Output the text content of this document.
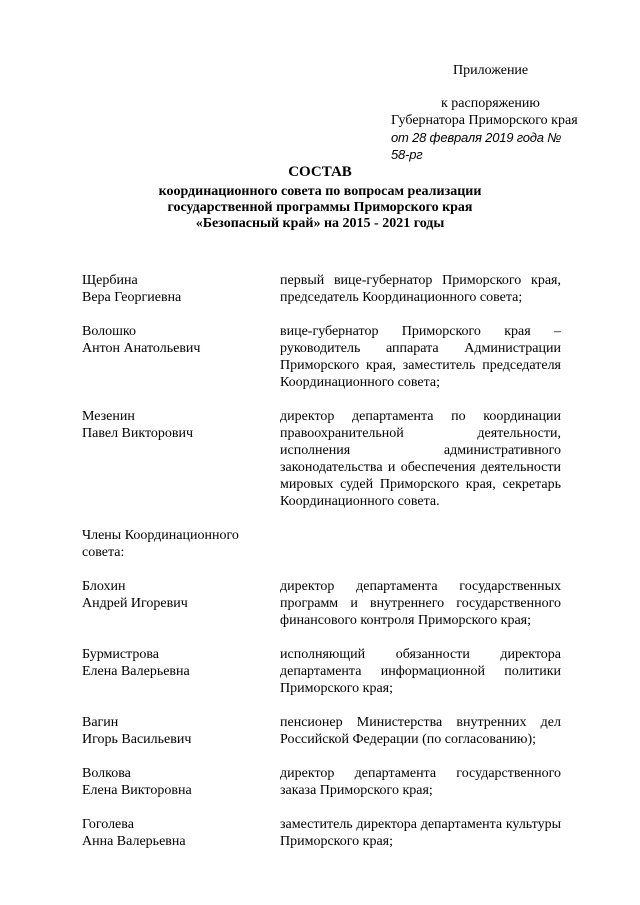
Приложение
к распоряжению
Губернатора Приморского края
от 28 февраля 2019 года № 58-рг
СОСТАВ
координационного совета по вопросам реализации
государственной программы Приморского края
«Безопасный край» на 2015 - 2021 годы
Щербина
Вера Георгиевна
первый вице-губернатор Приморского края, председатель Координационного совета;
Волошко
Антон Анатольевич
вице-губернатор Приморского края – руководитель аппарата Администрации Приморского края, заместитель председателя Координационного совета;
Мезенин
Павел Викторович
директор департамента по координации правоохранительной деятельности, исполнения административного законодательства и обеспечения деятельности мировых судей Приморского края, секретарь Координационного совета.
Члены Координационного совета:
Блохин
Андрей Игоревич
директор департамента государственных программ и внутреннего государственного финансового контроля Приморского края;
Бурмистрова
Елена Валерьевна
исполняющий обязанности директора департамента информационной политики Приморского края;
Вагин
Игорь Васильевич
пенсионер Министерства внутренних дел Российской Федерации (по согласованию);
Волкова
Елена Викторовна
директор департамента государственного заказа Приморского края;
Гоголева
Анна Валерьевна
заместитель директора департамента культуры Приморского края;
